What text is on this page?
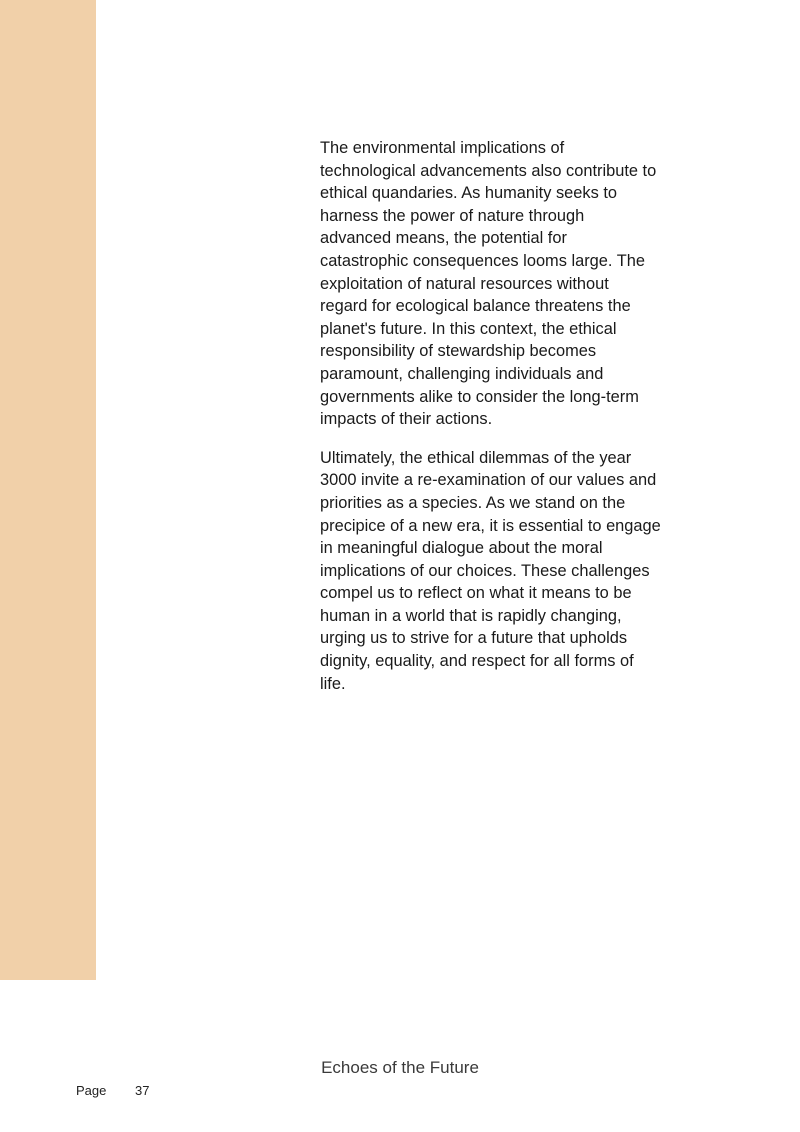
The environmental implications of
technological advancements also contribute to
ethical quandaries. As humanity seeks to
harness the power of nature through
advanced means, the potential for
catastrophic consequences looms large. The
exploitation of natural resources without
regard for ecological balance threatens the
planet's future. In this context, the ethical
responsibility of stewardship becomes
paramount, challenging individuals and
governments alike to consider the long-term
impacts of their actions.

Ultimately, the ethical dilemmas of the year
3000 invite a re-examination of our values and
priorities as a species. As we stand on the
precipice of a new era, it is essential to engage
in meaningful dialogue about the moral
implications of our choices. These challenges
compel us to reflect on what it means to be
human in a world that is rapidly changing,
urging us to strive for a future that upholds
dignity, equality, and respect for all forms of
life.

Echoes of the Future
Page 37
